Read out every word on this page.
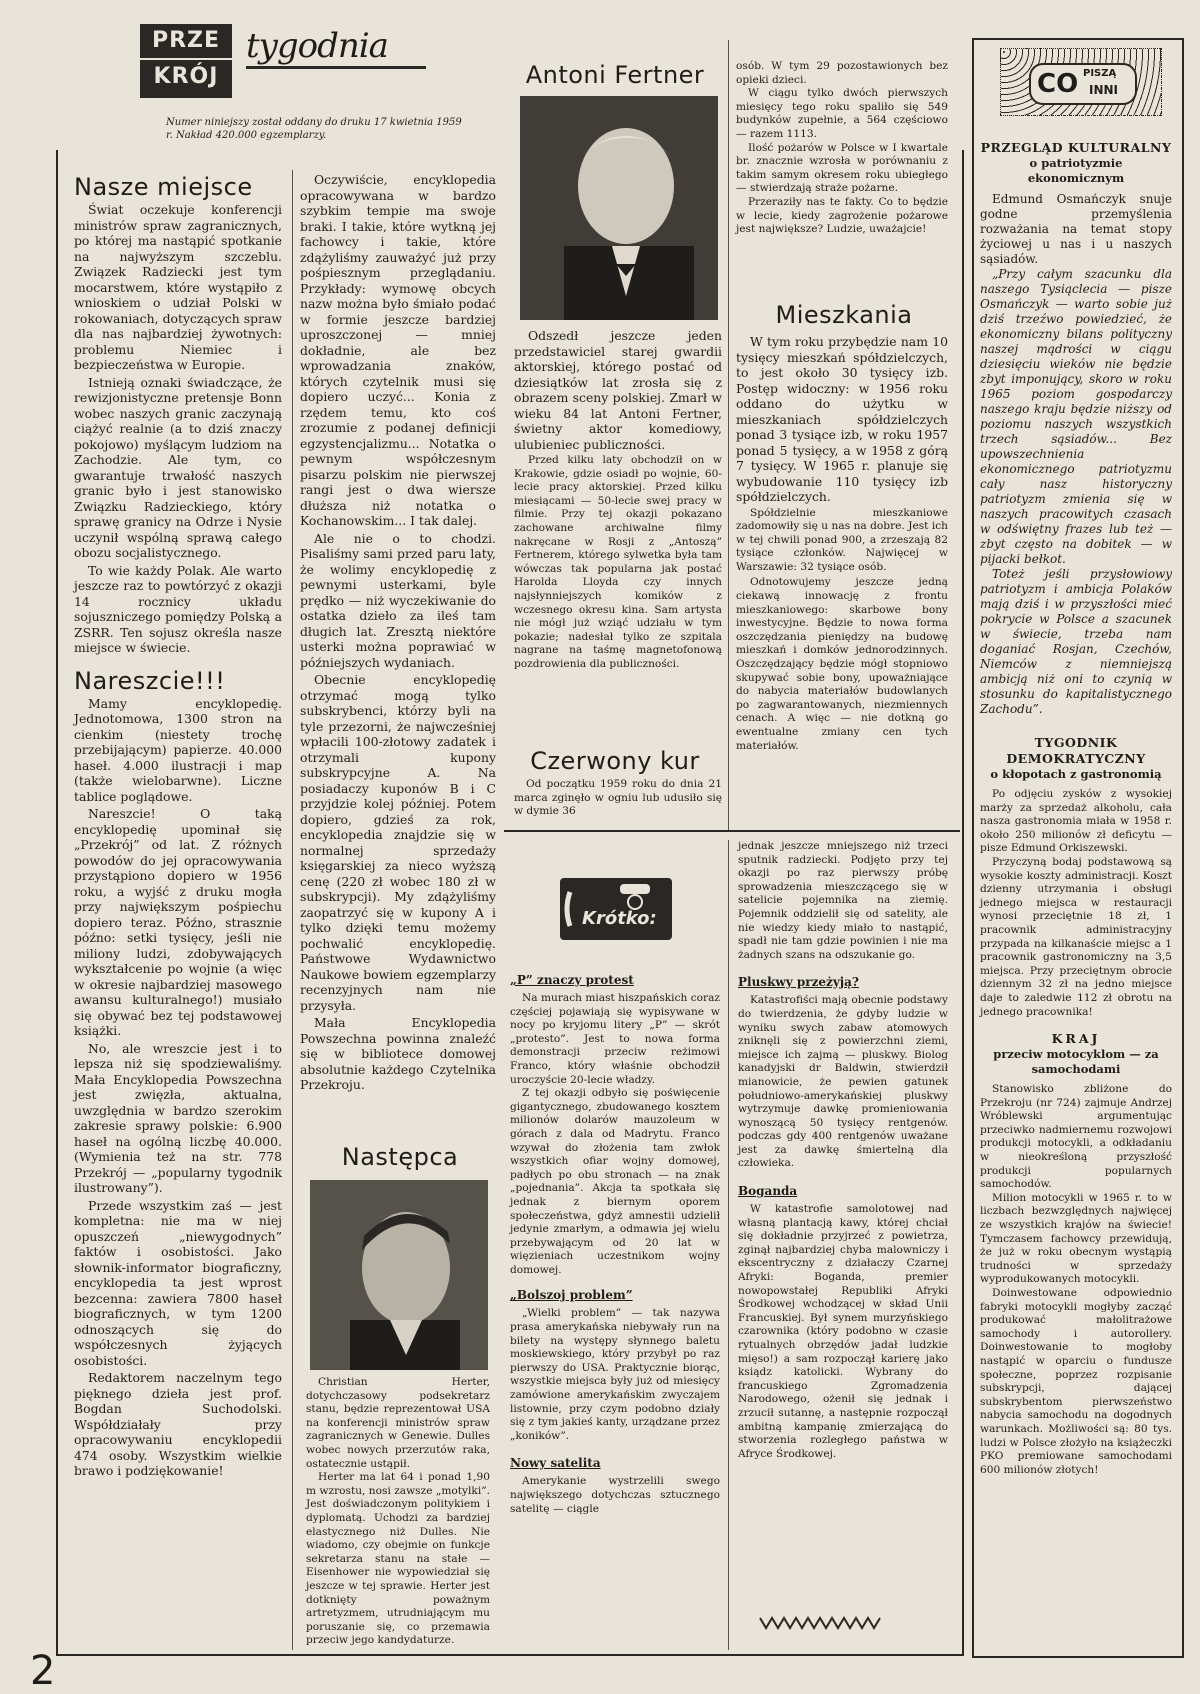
PRZE
KRÓJ
tygodnia
Numer niniejszy został oddany do druku 17 kwietnia 1959 r. Nakład 420.000 egzemplarzy.
Nasze miejsce

Świat oczekuje konferencji ministrów spraw zagranicznych, po której ma nastąpić spotkanie na najwyższym szczeblu. Związek Radziecki jest tym mocarstwem, które wystąpiło z wnioskiem o udział Polski w rokowaniach, dotyczących spraw dla nas najbardziej żywotnych: problemu Niemiec i bezpieczeństwa w Europie.

Istnieją oznaki świadczące, że rewizjonistyczne pretensje Bonn wobec naszych granic zaczynają ciążyć realnie (a to dziś znaczy pokojowo) myślącym ludziom na Zachodzie. Ale tym, co gwarantuje trwałość naszych granic było i jest stanowisko Związku Radzieckiego, który sprawę granicy na Odrze i Nysie uczynił wspólną sprawą całego obozu socjalistycznego.

To wie każdy Polak. Ale warto jeszcze raz to powtórzyć z okazji 14 rocznicy układu sojuszniczego pomiędzy Polską a ZSRR. Ten sojusz określa nasze miejsce w świecie.

Nareszcie!!!

Mamy encyklopedię. Jednotomowa, 1300 stron na cienkim (niestety trochę przebijającym) papierze. 40.000 haseł. 4.000 ilustracji i map (także wielobarwne). Liczne tablice poglądowe.

Nareszcie! O taką encyklopedię upominał się „Przekrój” od lat. Z różnych powodów do jej opracowywania przystąpiono dopiero w 1956 roku, a wyjść z druku mogła przy największym pośpiechu dopiero teraz. Późno, strasznie późno: setki tysięcy, jeśli nie miliony ludzi, zdobywających wykształcenie po wojnie (a więc w okresie najbardziej masowego awansu kulturalnego!) musiało się obywać bez tej podstawowej książki.

No, ale wreszcie jest i to lepsza niż się spodziewaliśmy. Mała Encyklopedia Powszechna jest zwięzła, aktualna, uwzględnia w bardzo szerokim zakresie sprawy polskie: 6.900 haseł na ogólną liczbę 40.000. (Wymienia też na str. 778 Przekrój — „popularny tygodnik ilustrowany”).

Przede wszystkim zaś — jest kompletna: nie ma w niej opuszczeń „niewygodnych” faktów i osobistości. Jako słownik-informator biograficzny, encyklopedia ta jest wprost bezcenna: zawiera 7800 haseł biograficznych, w tym 1200 odnoszących się do współczesnych żyjących osobistości.

Redaktorem naczelnym tego pięknego dzieła jest prof. Bogdan Suchodolski. Współdziałały przy opracowywaniu encyklopedii 474 osoby. Wszystkim wielkie brawo i podziękowanie!

Oczywiście, encyklopedia opracowywana w bardzo szybkim tempie ma swoje braki. I takie, które wytkną jej fachowcy i takie, które zdążyliśmy zauważyć już przy pośpiesznym przeglądaniu. Przykłady: wymowę obcych nazw można było śmiało podać w formie jeszcze bardziej uproszczonej — mniej dokładnie, ale bez wprowadzania znaków, których czytelnik musi się dopiero uczyć... Konia z rzędem temu, kto coś zrozumie z podanej definicji egzystencjalizmu... Notatka o pewnym współczesnym pisarzu polskim nie pierwszej rangi jest o dwa wiersze dłuższa niż notatka o Kochanowskim... I tak dalej.

Ale nie o to chodzi. Pisaliśmy sami przed paru laty, że wolimy encyklopedię z pewnymi usterkami, byle prędko — niż wyczekiwanie do ostatka dzieło za ileś tam długich lat. Zresztą niektóre usterki można poprawiać w późniejszych wydaniach.

Obecnie encyklopedię otrzymać mogą tylko subskrybenci, którzy byli na tyle przezorni, że najwcześniej wpłacili 100-złotowy zadatek i otrzymali kupony subskrypcyjne A. Na posiadaczy kuponów B i C przyjdzie kolej później. Potem dopiero, gdzieś za rok, encyklopedia znajdzie się w normalnej sprzedaży księgarskiej za nieco wyższą cenę (220 zł wobec 180 zł w subskrypcji). My zdążyliśmy zaopatrzyć się w kupony A i tylko dzięki temu możemy pochwalić encyklopedię. Państwowe Wydawnictwo Naukowe bowiem egzemplarzy recenzyjnych nam nie przysyła.

Mała Encyklopedia Powszechna powinna znaleźć się w bibliotece domowej absolutnie każdego Czytelnika Przekroju.

Następca

Christian Herter, dotychczasowy podsekretarz stanu, będzie reprezentował USA na konferencji ministrów spraw zagranicznych w Genewie. Dulles wobec nowych przerzutów raka, ostatecznie ustąpił.

Herter ma lat 64 i ponad 1,90 m wzrostu, nosi zawsze „motylki”. Jest doświadczonym politykiem i dyplomatą. Uchodzi za bardziej elastycznego niż Dulles. Nie wiadomo, czy obejmie on funkcje sekretarza stanu na stałe — Eisenhower nie wypowiedział się jeszcze w tej sprawie. Herter jest dotknięty poważnym artretyzmem, utrudniającym mu poruszanie się, co przemawia przeciw jego kandydaturze.

Antoni Fertner

Odszedł jeszcze jeden przedstawiciel starej gwardii aktorskiej, którego postać od dziesiątków lat zrosła się z obrazem sceny polskiej. Zmarł w wieku 84 lat Antoni Fertner, świetny aktor komediowy, ulubieniec publiczności.

Przed kilku laty obchodził on w Krakowie, gdzie osiadł po wojnie, 60-lecie pracy aktorskiej. Przed kilku miesiącami — 50-lecie swej pracy w filmie. Przy tej okazji pokazano zachowane archiwalne filmy nakręcane w Rosji z „Antoszą” Fertnerem, którego sylwetka była tam wówczas tak popularna jak postać Harolda Lloyda czy innych najsłynniejszych komików z wczesnego okresu kina. Sam artysta nie mógł już wziąć udziału w tym pokazie; nadesłał tylko ze szpitala nagrane na taśmę magnetofonową pozdrowienia dla publiczności.

Czerwony kur

Od początku 1959 roku do dnia 21 marca zginęło w ogniu lub udusiło się w dymie 36

osób. W tym 29 pozostawionych bez opieki dzieci.

W ciągu tylko dwóch pierwszych miesięcy tego roku spaliło się 549 budynków zupełnie, a 564 częściowo — razem 1113.

Ilość pożarów w Polsce w I kwartale br. znacznie wzrosła w porównaniu z takim samym okresem roku ubiegłego — stwierdzają straże pożarne.

Przeraziły nas te fakty. Co to będzie w lecie, kiedy zagrożenie pożarowe jest największe? Ludzie, uważajcie!

Mieszkania

W tym roku przybędzie nam 10 tysięcy mieszkań spółdzielczych, to jest około 30 tysięcy izb. Postęp widoczny: w 1956 roku oddano do użytku w mieszkaniach spółdzielczych ponad 3 tysiące izb, w roku 1957 ponad 5 tysięcy, a w 1958 z górą 7 tysięcy. W 1965 r. planuje się wybudowanie 110 tysięcy izb spółdzielczych.

Spółdzielnie mieszkaniowe zadomowiły się u nas na dobre. Jest ich w tej chwili ponad 900, a zrzeszają 82 tysiące członków. Najwięcej w Warszawie: 32 tysiące osób.

Odnotowujemy jeszcze jedną ciekawą innowację z frontu mieszkaniowego: skarbowe bony inwestycyjne. Będzie to nowa forma oszczędzania pieniędzy na budowę mieszkań i domków jednorodzinnych. Oszczędzający będzie mógł stopniowo skupywać sobie bony, upoważniające do nabycia materiałów budowlanych po zagwarantowanych, niezmiennych cenach. A więc — nie dotkną go ewentualne zmiany cen tych materiałów.

Krótko:
„P” znaczy protest

Na murach miast hiszpańskich coraz częściej pojawiają się wypisywane w nocy po kryjomu litery „P” — skrót „protesto”. Jest to nowa forma demonstracji przeciw reżimowi Franco, który właśnie obchodził uroczyście 20-lecie władzy.

Z tej okazji odbyło się poświęcenie gigantycznego, zbudowanego kosztem milionów dolarów mauzoleum w górach z dala od Madrytu. Franco wzywał do złożenia tam zwłok wszystkich ofiar wojny domowej, padłych po obu stronach — na znak „pojednania”. Akcja ta spotkała się jednak z biernym oporem społeczeństwa, gdyż amnestii udzielił jedynie zmarłym, a odmawia jej wielu przebywającym od 20 lat w więzieniach uczestnikom wojny domowej.

„Bolszoj problem”

„Wielki problem” — tak nazywa prasa amerykańska niebywały run na bilety na występy słynnego baletu moskiewskiego, który przybył po raz pierwszy do USA. Praktycznie biorąc, wszystkie miejsca były już od miesięcy zamówione amerykańskim zwyczajem listownie, przy czym podobno działy się z tym jakieś kanty, urządzane przez „koników”.

Nowy satelita

Amerykanie wystrzelili swego największego dotychczas sztucznego satelitę — ciągle

jednak jeszcze mniejszego niż trzeci sputnik radziecki. Podjęto przy tej okazji po raz pierwszy próbę sprowadzenia mieszczącego się w satelicie pojemnika na ziemię. Pojemnik oddzielił się od satelity, ale nie wiedzy kiedy miało to nastąpić, spadł nie tam gdzie powinien i nie ma żadnych szans na odszukanie go.

Pluskwy przeżyją?

Katastrofiści mają obecnie podstawy do twierdzenia, że gdyby ludzie w wyniku swych zabaw atomowych zniknęli się z powierzchni ziemi, miejsce ich zajmą — pluskwy. Biolog kanadyjski dr Baldwin, stwierdził mianowicie, że pewien gatunek południowo-amerykańskiej pluskwy wytrzymuje dawkę promieniowania wynoszącą 50 tysięcy rentgenów. podczas gdy 400 rentgenów uważane jest za dawkę śmiertelną dla człowieka.

Boganda

W katastrofie samolotowej nad własną plantacją kawy, której chciał się dokładnie przyjrzeć z powietrza, zginął najbardziej chyba malowniczy i ekscentryczny z działaczy Czarnej Afryki: Boganda, premier nowopowstałej Republiki Afryki Środkowej wchodzącej w skład Unii Francuskiej. Był synem murzyńskiego czarownika (który podobno w czasie rytualnych obrzędów jadał ludzkie mięso!) a sam rozpoczął karierę jako ksiądz katolicki. Wybrany do francuskiego Zgromadzenia Narodowego, ożenił się jednak i zrzucił sutannę, a następnie rozpoczął ambitną kampanię zmierzającą do stworzenia rozległego państwa w Afryce Środkowej.

CO PISZĄ
INNI
PRZEGLĄD KULTURALNY
o patriotyzmie ekonomicznym

Edmund Osmańczyk snuje godne przemyślenia rozważania na temat stopy życiowej u nas i u naszych sąsiadów.

„Przy całym szacunku dla naszego Tysiąclecia — pisze Osmańczyk — warto sobie już dziś trzeźwo powiedzieć, że ekonomiczny bilans polityczny naszej mądrości w ciągu dziesięciu wieków nie będzie zbyt imponujący, skoro w roku 1965 poziom gospodarczy naszego kraju będzie niższy od poziomu naszych wszystkich trzech sąsiadów... Bez upowszechnienia ekonomicznego patriotyzmu cały nasz historyczny patriotyzm zmienia się w naszych pracowitych czasach w odświętny frazes lub też — zbyt często na dobitek — w pijacki bełkot.

Toteż jeśli przysłowiowy patriotyzm i ambicja Polaków mają dziś i w przyszłości mieć pokrycie w Polsce a szacunek w świecie, trzeba nam doganiać Rosjan, Czechów, Niemców z niemniejszą ambicją niż oni to czynią w stosunku do kapitalistycznego Zachodu”.

TYGODNIK DEMOKRATYCZNY
o kłopotach z gastronomią

Po odjęciu zysków z wysokiej marży za sprzedaż alkoholu, cała nasza gastronomia miała w 1958 r. około 250 milionów zł deficytu — pisze Edmund Orkiszewski.

Przyczyną bodaj podstawową są wysokie koszty administracji. Koszt dzienny utrzymania i obsługi jednego miejsca w restauracji wynosi przeciętnie 18 zł, 1 pracownik administracyjny przypada na kilkanaście miejsc a 1 pracownik gastronomiczny na 3,5 miejsca. Przy przeciętnym obrocie dziennym 32 zł na jedno miejsce daje to zaledwie 112 zł obrotu na jednego pracownika!

KRAJ
przeciw motocyklom — za samochodami

Stanowisko zbliżone do Przekroju (nr 724) zajmuje Andrzej Wróblewski argumentując przeciwko nadmiernemu rozwojowi produkcji motocykli, a odkładaniu w nieokreśloną przyszłość produkcji popularnych samochodów.

Milion motocykli w 1965 r. to w liczbach bezwzględnych najwięcej ze wszystkich krajów na świecie! Tymczasem fachowcy przewidują, że już w roku obecnym wystąpią trudności w sprzedaży wyprodukowanych motocykli.

Doinwestowane odpowiednio fabryki motocykli mogłyby zacząć produkować małolitrażowe samochody i autorollery. Doinwestowanie to mogłoby nastąpić w oparciu o fundusze społeczne, poprzez rozpisanie subskrypcji, dającej subskrybentom pierwszeństwo nabycia samochodu na dogodnych warunkach. Możliwości są: 80 tys. ludzi w Polsce złożyło na książeczki PKO premiowane samochodami 600 milionów złotych!

2
